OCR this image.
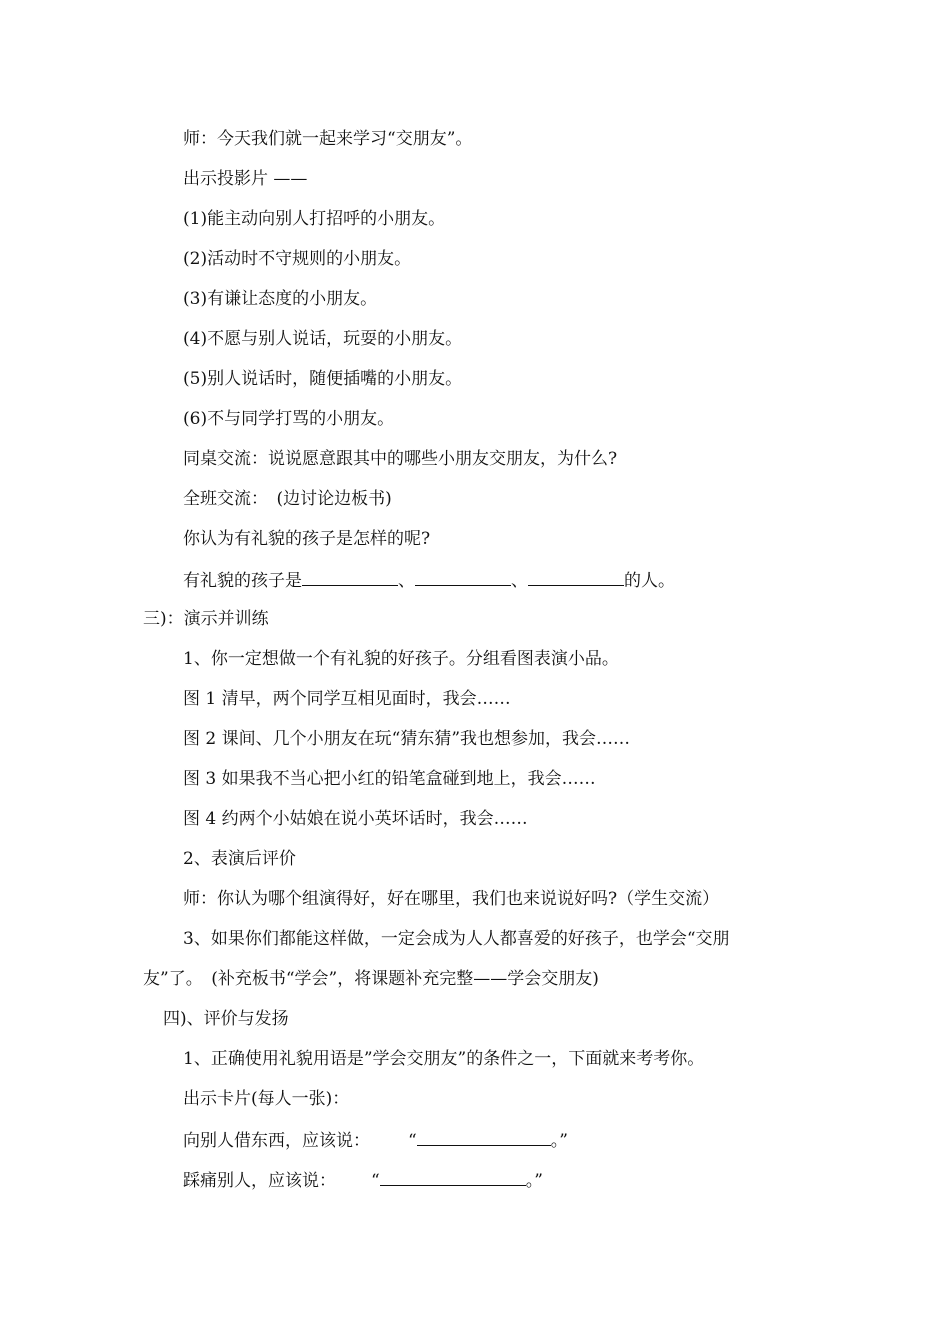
师：今天我们就一起来学习“交朋友”。
出示投影片 ——
(1)能主动向别人打招呼的小朋友。
(2)活动时不守规则的小朋友。
(3)有谦让态度的小朋友。
(4)不愿与别人说话，玩耍的小朋友。
(5)别人说话时，随便插嘴的小朋友。
(6)不与同学打骂的小朋友。
同桌交流：说说愿意跟其中的哪些小朋友交朋友，为什么?
全班交流：　(边讨论边板书)
你认为有礼貌的孩子是怎样的呢?
有礼貌的孩子是	、	、	的人。
三)：演示并训练
1、你一定想做一个有礼貌的好孩子。分组看图表演小品。
图 1 清早，两个同学互相见面时，我会……
图 2 课间、几个小朋友在玩“猜东猜”我也想参加，我会……
图 3 如果我不当心把小红的铅笔盒碰到地上，我会……
图 4 约两个小姑娘在说小英坏话时，我会……
2、表演后评价
师：你认为哪个组演得好，好在哪里，我们也来说说好吗?（学生交流）
3、如果你们都能这样做，一定会成为人人都喜爱的好孩子，也学会“交朋
友”了。　(补充板书“学会”，将课题补充完整——学会交朋友)
四)、评价与发扬
1、正确使用礼貌用语是”学会交朋友”的条件之一，下面就来考考你。
出示卡片(每人一张)：
向别人借东西，应该说： “	。”
踩痛别人，应该说： “	。”
